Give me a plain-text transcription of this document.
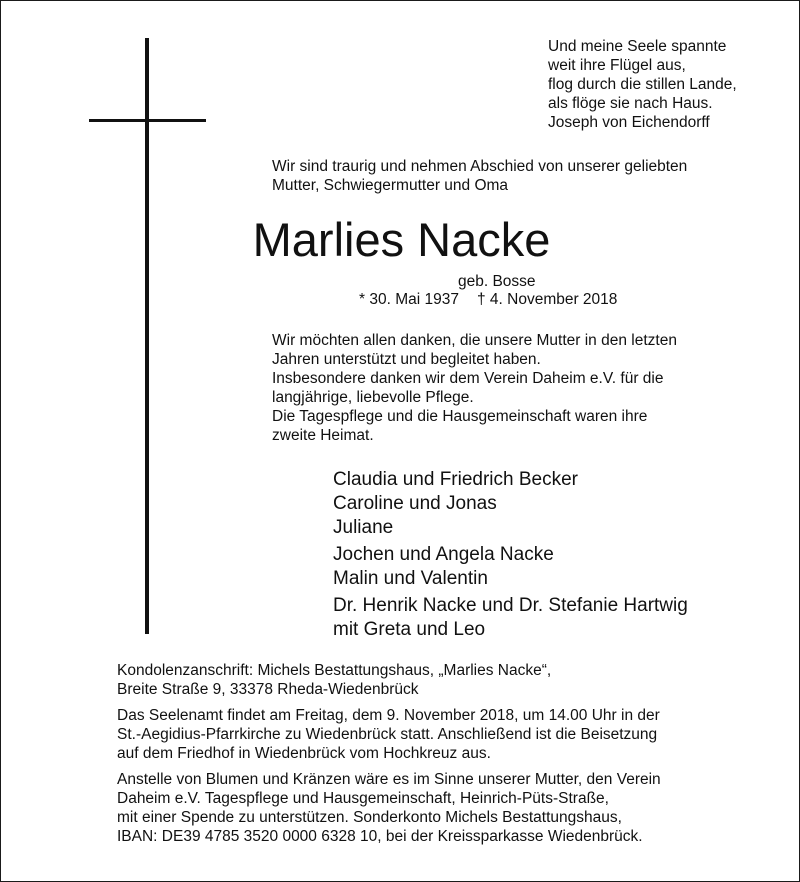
Und meine Seele spannte
weit ihre Flügel aus,
flog durch die stillen Lande,
als flöge sie nach Haus.
Joseph von Eichendorff
Wir sind traurig und nehmen Abschied von unserer geliebten
Mutter, Schwiegermutter und Oma
Marlies Nacke
geb. Bosse
* 30. Mai 1937 † 4. November 2018
Wir möchten allen danken, die unsere Mutter in den letzten
Jahren unterstützt und begleitet haben.
Insbesondere danken wir dem Verein Daheim e.V. für die
langjährige, liebevolle Pflege.
Die Tagespflege und die Hausgemeinschaft waren ihre
zweite Heimat.
Claudia und Friedrich Becker
Caroline und Jonas
Juliane
Jochen und Angela Nacke
Malin und Valentin
Dr. Henrik Nacke und Dr. Stefanie Hartwig
mit Greta und Leo
Kondolenzanschrift: Michels Bestattungshaus, „Marlies Nacke“,
Breite Straße 9, 33378 Rheda-Wiedenbrück
Das Seelenamt findet am Freitag, dem 9. November 2018, um 14.00 Uhr in der
St.-Aegidius-Pfarrkirche zu Wiedenbrück statt. Anschließend ist die Beisetzung
auf dem Friedhof in Wiedenbrück vom Hochkreuz aus.
Anstelle von Blumen und Kränzen wäre es im Sinne unserer Mutter, den Verein
Daheim e.V. Tagespflege und Hausgemeinschaft, Heinrich-Püts-Straße,
mit einer Spende zu unterstützen. Sonderkonto Michels Bestattungshaus,
IBAN: DE39 4785 3520 0000 6328 10, bei der Kreissparkasse Wiedenbrück.
